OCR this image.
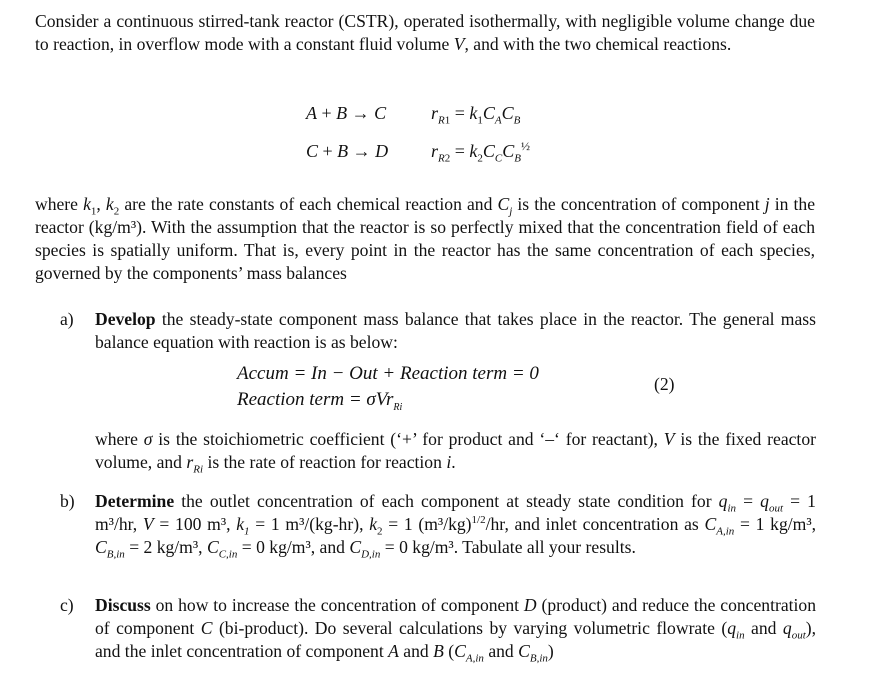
Consider a continuous stirred-tank reactor (CSTR), operated isothermally, with negligible volume change due to reaction, in overflow mode with a constant fluid volume V, and with the two chemical reactions.
A + B → C $r_{R1} = k_1C_AC_B$
C + B → D $r_{R2} = k_2C_CC_B^{\frac{1}{2}}$
where $k_1$, $k_2$ are the rate constants of each chemical reaction and $C_j$ is the concentration of component j in the reactor (kg/m³). With the assumption that the reactor is so perfectly mixed that the concentration field of each species is spatially uniform. That is, every point in the reactor has the same concentration of each species, governed by the components’ mass balances
a) Develop the steady-state component mass balance that takes place in the reactor. The general mass balance equation with reaction is as below:
Accum = In − Out + Reaction term = 0
Reaction term = σVr$_{Ri}$
(2)
where σ is the stoichiometric coefficient (‘+’ for product and ‘–‘ for reactant), V is the fixed reactor volume, and $r_{Ri}$ is the rate of reaction for reaction i.
b) Determine the outlet concentration of each component at steady state condition for $q_{in} = q_{out} = 1$ m³/hr, V = 100 m³, $k_1 = 1$ m³/(kg-hr), $k_2 = 1$ $(m^3/kg)^{1/2}/hr$, and inlet concentration as $C_{A,in} = 1$ kg/m³, $C_{B,in} = 2$ kg/m³, $C_{C,in} = 0$ kg/m³, and $C_{D,in} = 0$ kg/m³. Tabulate all your results.
c) Discuss on how to increase the concentration of component D (product) and reduce the concentration of component C (bi-product). Do several calculations by varying volumetric flowrate ($q_{in}$ and $q_{out}$), and the inlet concentration of component A and B ($C_{A,in}$ and $C_{B,in}$)
